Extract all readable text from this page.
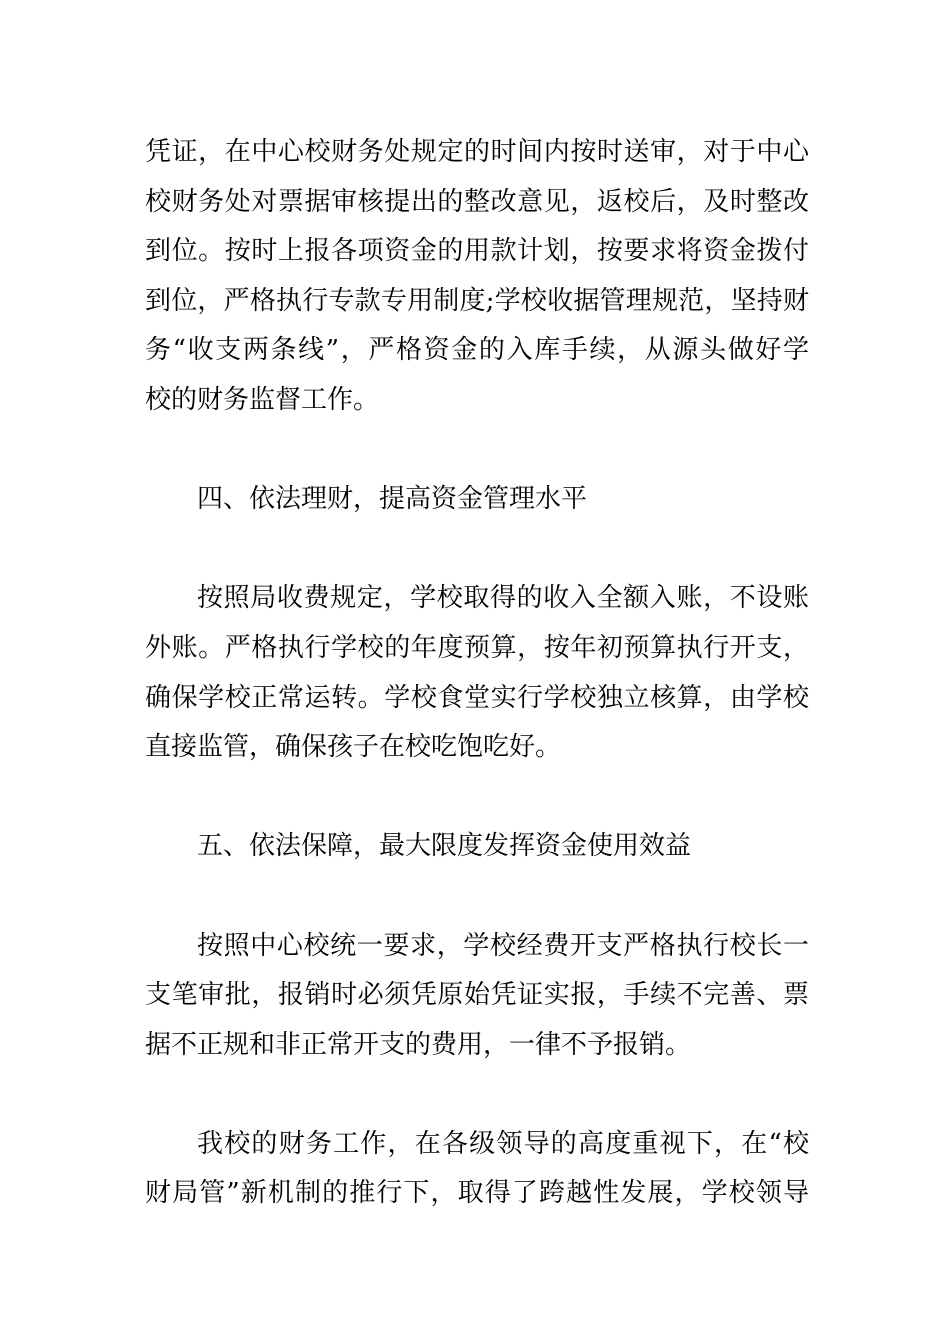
凭证，在中心校财务处规定的时间内按时送审，对于中心
校财务处对票据审核提出的整改意见，返校后，及时整改
到位。按时上报各项资金的用款计划，按要求将资金拨付
到位，严格执行专款专用制度;学校收据管理规范，坚持财
务“收支两条线”，严格资金的入库手续，从源头做好学
校的财务监督工作。
四、依法理财，提高资金管理水平
按照局收费规定，学校取得的收入全额入账，不设账
外账。严格执行学校的年度预算，按年初预算执行开支，
确保学校正常运转。学校食堂实行学校独立核算，由学校
直接监管，确保孩子在校吃饱吃好。
五、依法保障，最大限度发挥资金使用效益
按照中心校统一要求，学校经费开支严格执行校长一
支笔审批，报销时必须凭原始凭证实报，手续不完善、票
据不正规和非正常开支的费用，一律不予报销。
我校的财务工作，在各级领导的高度重视下，在“校
财局管”新机制的推行下，取得了跨越性发展，学校领导
